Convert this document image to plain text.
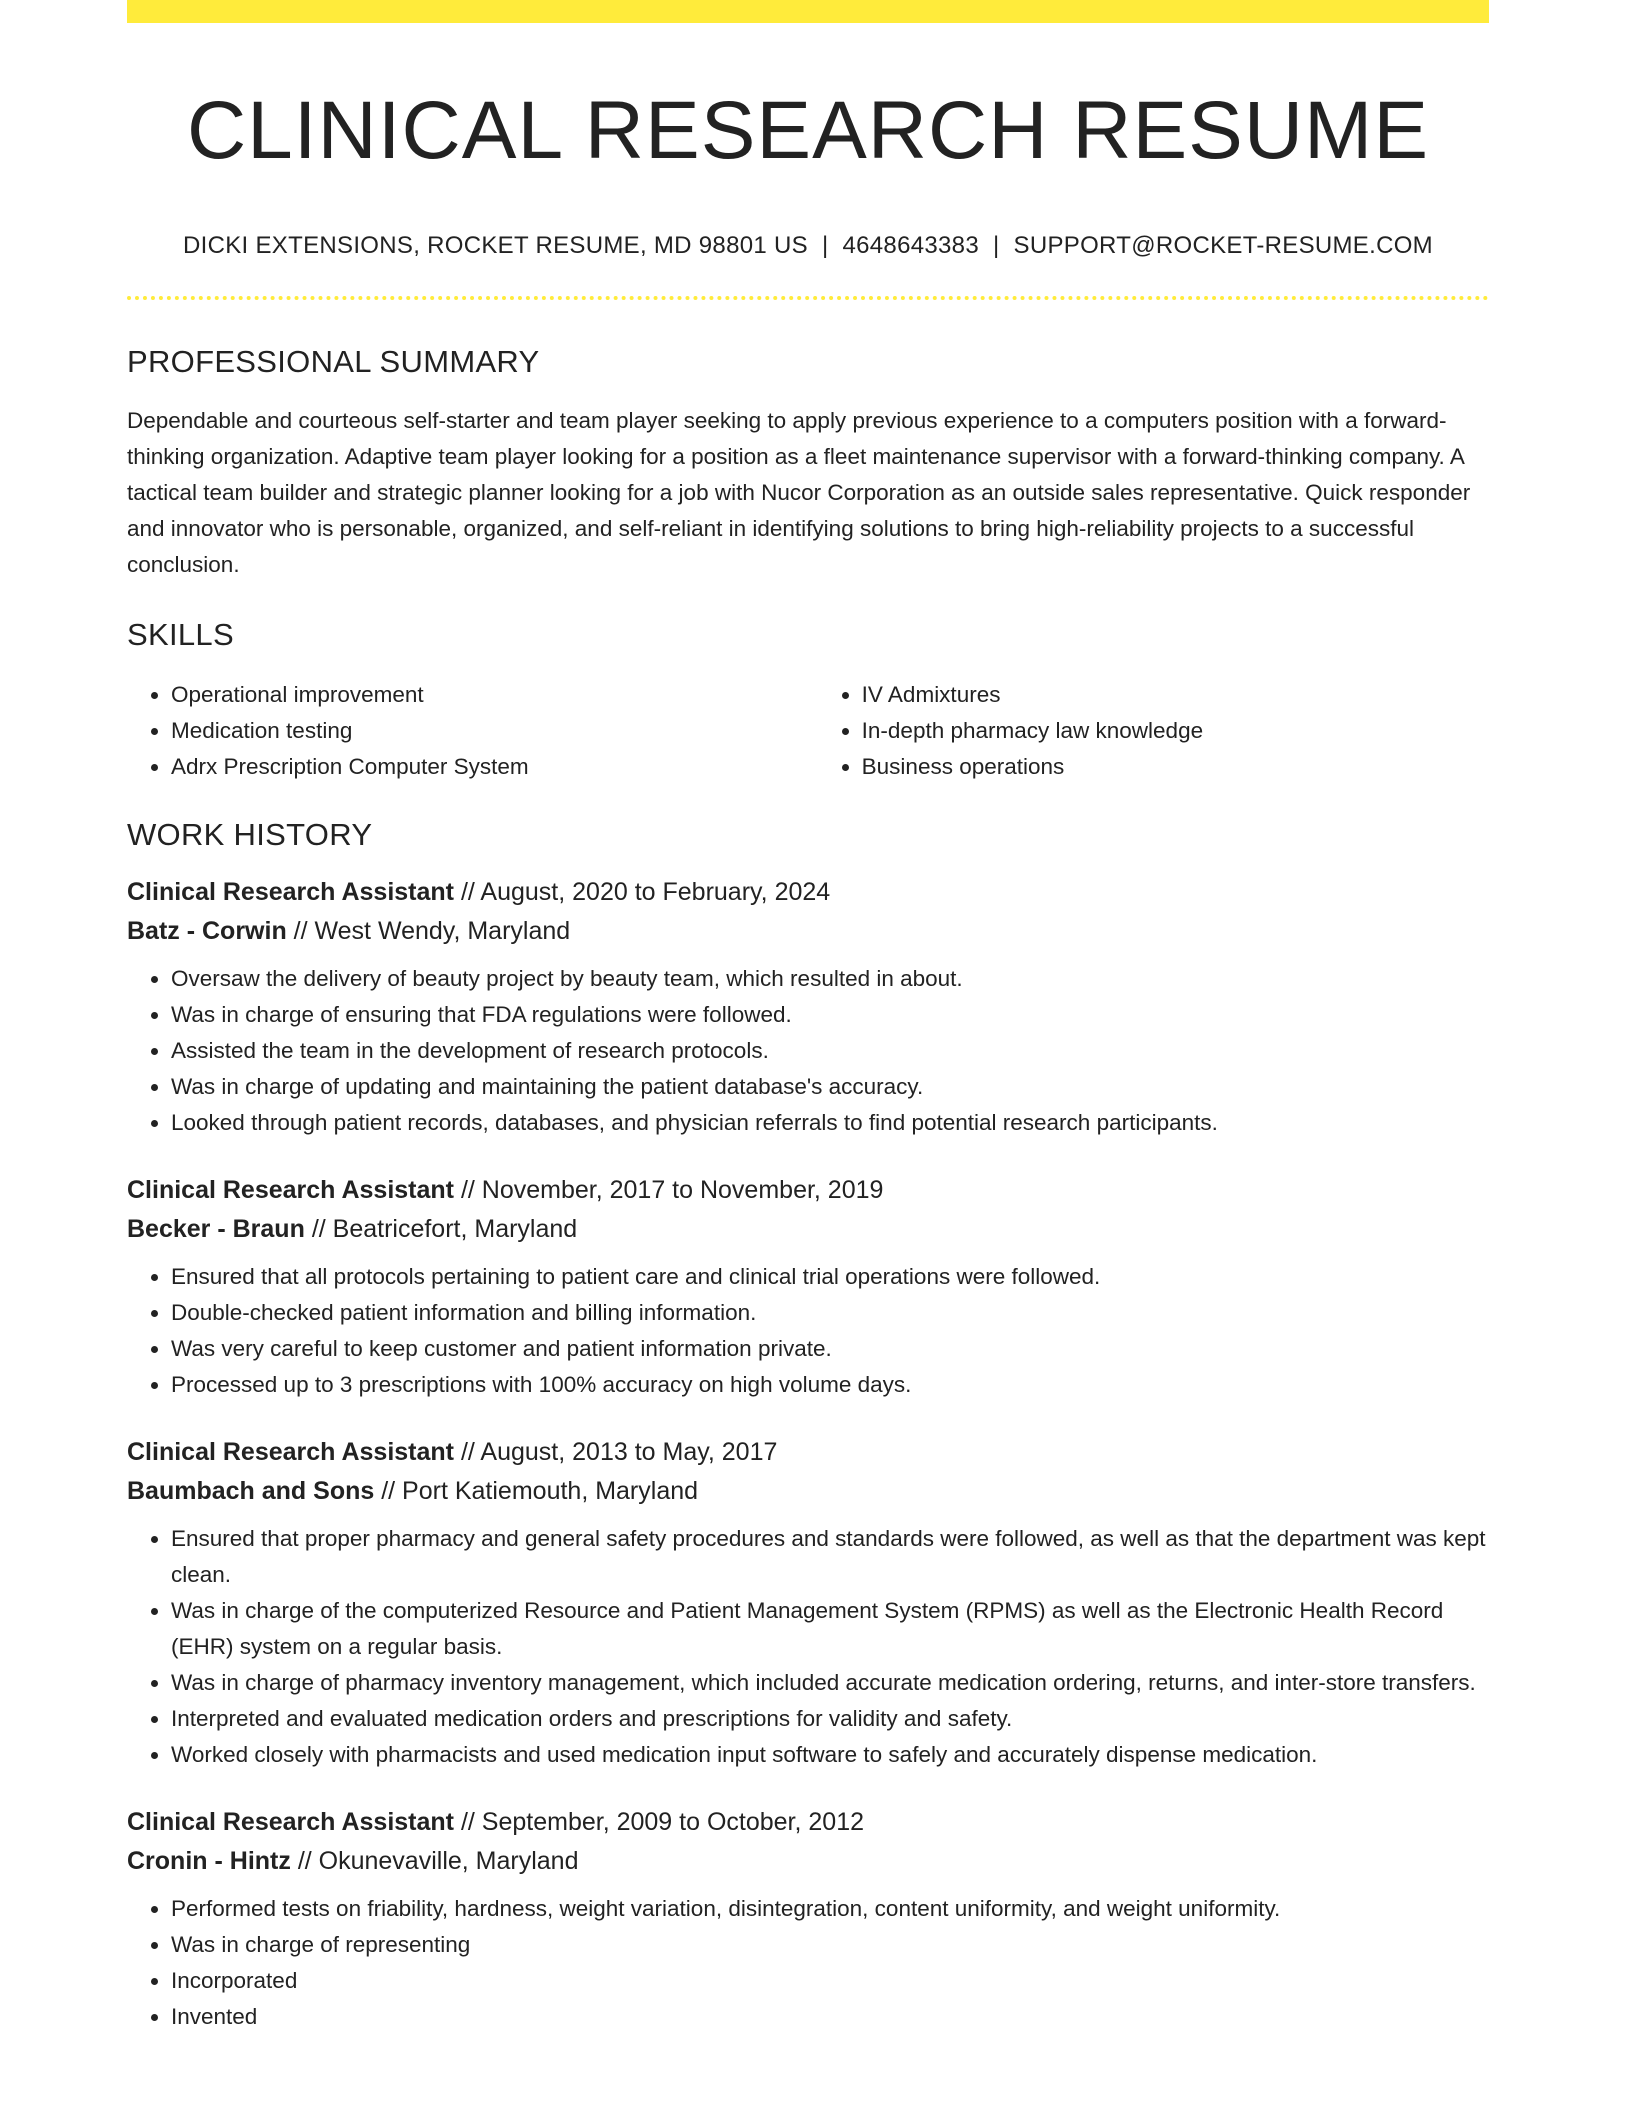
CLINICAL RESEARCH RESUME
DICKI EXTENSIONS, ROCKET RESUME, MD 98801 US | 4648643383 | SUPPORT@ROCKET-RESUME.COM
PROFESSIONAL SUMMARY
Dependable and courteous self-starter and team player seeking to apply previous experience to a computers position with a forward-thinking organization. Adaptive team player looking for a position as a fleet maintenance supervisor with a forward-thinking company. A tactical team builder and strategic planner looking for a job with Nucor Corporation as an outside sales representative. Quick responder and innovator who is personable, organized, and self-reliant in identifying solutions to bring high-reliability projects to a successful conclusion.
SKILLS
• Operational improvement
• Medication testing
• Adrx Prescription Computer System
• IV Admixtures
• In-depth pharmacy law knowledge
• Business operations
WORK HISTORY
Clinical Research Assistant // August, 2020 to February, 2024
Batz - Corwin // West Wendy, Maryland
• Oversaw the delivery of beauty project by beauty team, which resulted in about.
• Was in charge of ensuring that FDA regulations were followed.
• Assisted the team in the development of research protocols.
• Was in charge of updating and maintaining the patient database's accuracy.
• Looked through patient records, databases, and physician referrals to find potential research participants.
Clinical Research Assistant // November, 2017 to November, 2019
Becker - Braun // Beatricefort, Maryland
• Ensured that all protocols pertaining to patient care and clinical trial operations were followed.
• Double-checked patient information and billing information.
• Was very careful to keep customer and patient information private.
• Processed up to 3 prescriptions with 100% accuracy on high volume days.
Clinical Research Assistant // August, 2013 to May, 2017
Baumbach and Sons // Port Katiemouth, Maryland
• Ensured that proper pharmacy and general safety procedures and standards were followed, as well as that the department was kept clean.
• Was in charge of the computerized Resource and Patient Management System (RPMS) as well as the Electronic Health Record (EHR) system on a regular basis.
• Was in charge of pharmacy inventory management, which included accurate medication ordering, returns, and inter-store transfers.
• Interpreted and evaluated medication orders and prescriptions for validity and safety.
• Worked closely with pharmacists and used medication input software to safely and accurately dispense medication.
Clinical Research Assistant // September, 2009 to October, 2012
Cronin - Hintz // Okunevaville, Maryland
• Performed tests on friability, hardness, weight variation, disintegration, content uniformity, and weight uniformity.
• Was in charge of representing
• Incorporated
• Invented
